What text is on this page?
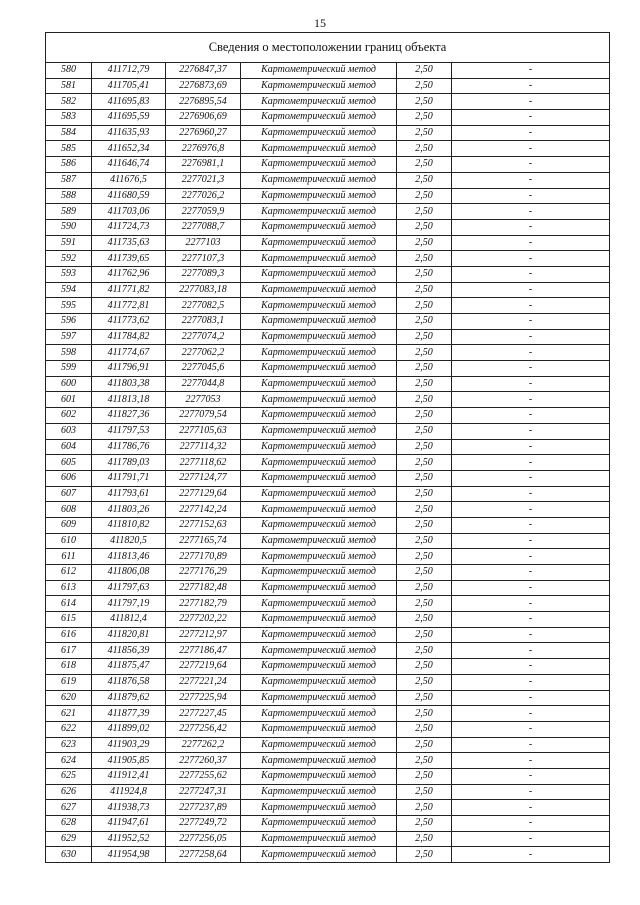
15
Сведения о местоположении границ объекта					
580	411712,79	2276847,37	Картометрический метод	2,50	-
581	411705,41	2276873,69	Картометрический метод	2,50	-
582	411695,83	2276895,54	Картометрический метод	2,50	-
583	411695,59	2276906,69	Картометрический метод	2,50	-
584	411635,93	2276960,27	Картометрический метод	2,50	-
585	411652,34	2276976,8	Картометрический метод	2,50	-
586	411646,74	2276981,1	Картометрический метод	2,50	-
587	411676,5	2277021,3	Картометрический метод	2,50	-
588	411680,59	2277026,2	Картометрический метод	2,50	-
589	411703,06	2277059,9	Картометрический метод	2,50	-
590	411724,73	2277088,7	Картометрический метод	2,50	-
591	411735,63	2277103	Картометрический метод	2,50	-
592	411739,65	2277107,3	Картометрический метод	2,50	-
593	411762,96	2277089,3	Картометрический метод	2,50	-
594	411771,82	2277083,18	Картометрический метод	2,50	-
595	411772,81	2277082,5	Картометрический метод	2,50	-
596	411773,62	2277083,1	Картометрический метод	2,50	-
597	411784,82	2277074,2	Картометрический метод	2,50	-
598	411774,67	2277062,2	Картометрический метод	2,50	-
599	411796,91	2277045,6	Картометрический метод	2,50	-
600	411803,38	2277044,8	Картометрический метод	2,50	-
601	411813,18	2277053	Картометрический метод	2,50	-
602	411827,36	2277079,54	Картометрический метод	2,50	-
603	411797,53	2277105,63	Картометрический метод	2,50	-
604	411786,76	2277114,32	Картометрический метод	2,50	-
605	411789,03	2277118,62	Картометрический метод	2,50	-
606	411791,71	2277124,77	Картометрический метод	2,50	-
607	411793,61	2277129,64	Картометрический метод	2,50	-
608	411803,26	2277142,24	Картометрический метод	2,50	-
609	411810,82	2277152,63	Картометрический метод	2,50	-
610	411820,5	2277165,74	Картометрический метод	2,50	-
611	411813,46	2277170,89	Картометрический метод	2,50	-
612	411806,08	2277176,29	Картометрический метод	2,50	-
613	411797,63	2277182,48	Картометрический метод	2,50	-
614	411797,19	2277182,79	Картометрический метод	2,50	-
615	411812,4	2277202,22	Картометрический метод	2,50	-
616	411820,81	2277212,97	Картометрический метод	2,50	-
617	411856,39	2277186,47	Картометрический метод	2,50	-
618	411875,47	2277219,64	Картометрический метод	2,50	-
619	411876,58	2277221,24	Картометрический метод	2,50	-
620	411879,62	2277225,94	Картометрический метод	2,50	-
621	411877,39	2277227,45	Картометрический метод	2,50	-
622	411899,02	2277256,42	Картометрический метод	2,50	-
623	411903,29	2277262,2	Картометрический метод	2,50	-
624	411905,85	2277260,37	Картометрический метод	2,50	-
625	411912,41	2277255,62	Картометрический метод	2,50	-
626	411924,8	2277247,31	Картометрический метод	2,50	-
627	411938,73	2277237,89	Картометрический метод	2,50	-
628	411947,61	2277249,72	Картометрический метод	2,50	-
629	411952,52	2277256,05	Картометрический метод	2,50	-
630	411954,98	2277258,64	Картометрический метод	2,50	-
